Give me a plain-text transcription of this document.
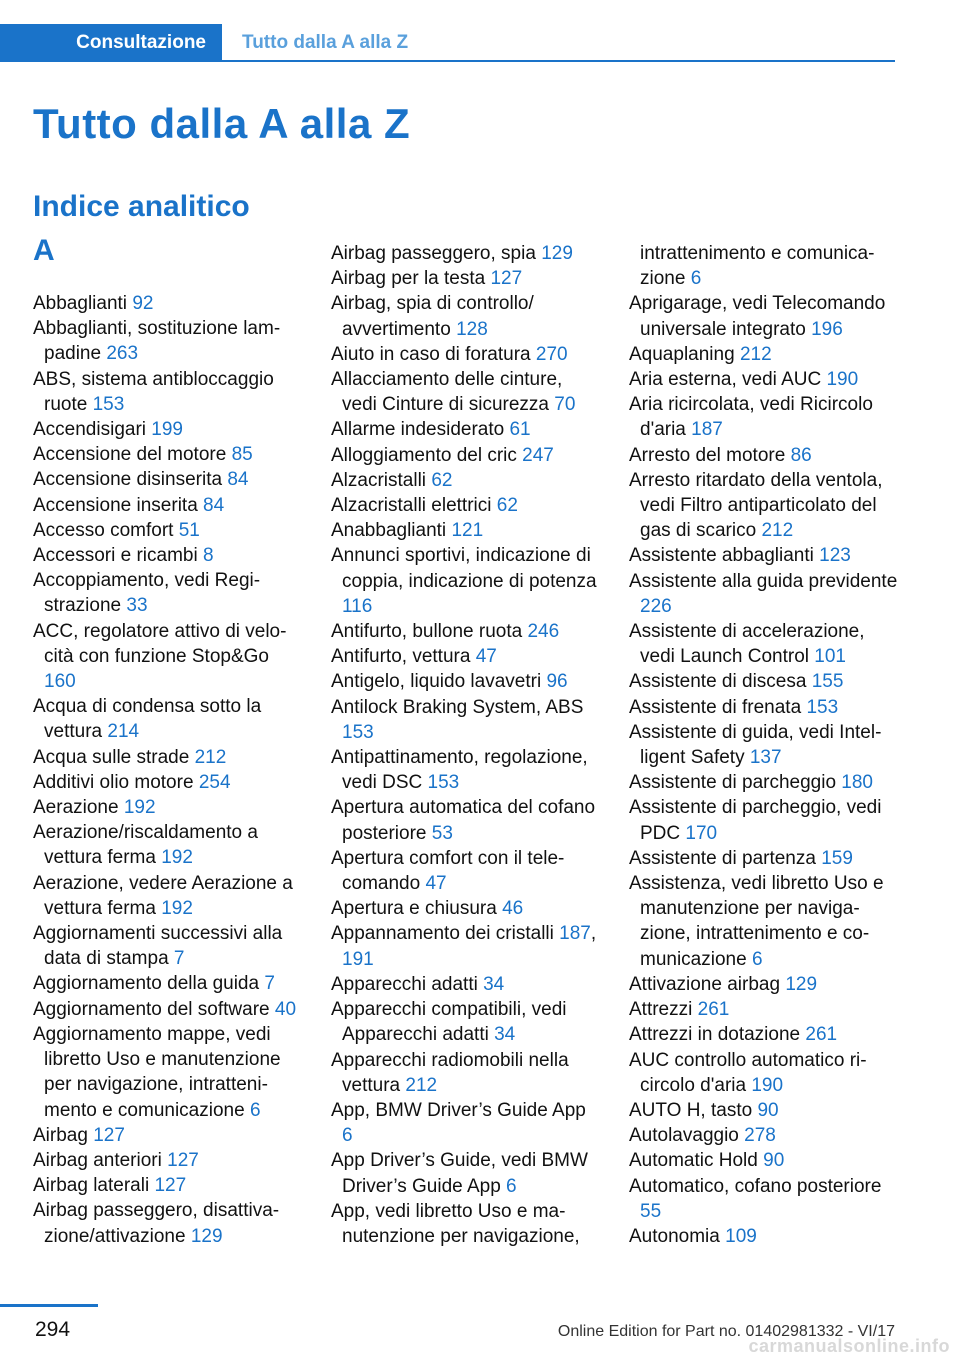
Consultazione	Tutto dalla A alla Z
Tutto dalla A alla Z
Indice analitico
A
Abbaglianti 92
Abbaglianti, sostituzione lampadine 263
ABS, sistema antibloccaggio ruote 153
Accendisigari 199
Accensione del motore 85
Accensione disinserita 84
Accensione inserita 84
Accesso comfort 51
Accessori e ricambi 8
Accoppiamento, vedi Registrazione 33
ACC, regolatore attivo di velocità con funzione Stop&Go 160
Acqua di condensa sotto la vettura 214
Acqua sulle strade 212
Additivi olio motore 254
Aerazione 192
Aerazione/riscaldamento a vettura ferma 192
Aerazione, vedere Aerazione a vettura ferma 192
Aggiornamenti successivi alla data di stampa 7
Aggiornamento della guida 7
Aggiornamento del software 40
Aggiornamento mappe, vedi libretto Uso e manutenzione per navigazione, intrattenimento e comunicazione 6
Airbag 127
Airbag anteriori 127
Airbag laterali 127
Airbag passeggero, disattivazione/attivazione 129
Airbag passeggero, spia 129
Airbag per la testa 127
Airbag, spia di controllo/ avvertimento 128
Aiuto in caso di foratura 270
Allacciamento delle cinture, vedi Cinture di sicurezza 70
Allarme indesiderato 61
Alloggiamento del cric 247
Alzacristalli 62
Alzacristalli elettrici 62
Anabbaglianti 121
Annunci sportivi, indicazione di coppia, indicazione di potenza 116
Antifurto, bullone ruota 246
Antifurto, vettura 47
Antigelo, liquido lavavetri 96
Antilock Braking System, ABS 153
Antipattinamento, regolazione, vedi DSC 153
Apertura automatica del cofano posteriore 53
Apertura comfort con il telecomando 47
Apertura e chiusura 46
Appannamento dei cristalli 187, 191
Apparecchi adatti 34
Apparecchi compatibili, vedi Apparecchi adatti 34
Apparecchi radiomobili nella vettura 212
App, BMW Driver’s Guide App 6
App Driver’s Guide, vedi BMW Driver’s Guide App 6
App, vedi libretto Uso e manutenzione per navigazione,
intrattenimento e comunicazione 6
Aprigarage, vedi Telecomando universale integrato 196
Aquaplaning 212
Aria esterna, vedi AUC 190
Aria ricircolata, vedi Ricircolo d'aria 187
Arresto del motore 86
Arresto ritardato della ventola, vedi Filtro antiparticolato del gas di scarico 212
Assistente abbaglianti 123
Assistente alla guida previdente 226
Assistente di accelerazione, vedi Launch Control 101
Assistente di discesa 155
Assistente di frenata 153
Assistente di guida, vedi Intelligent Safety 137
Assistente di parcheggio 180
Assistente di parcheggio, vedi PDC 170
Assistente di partenza 159
Assistenza, vedi libretto Uso e manutenzione per navigazione, intrattenimento e comunicazione 6
Attivazione airbag 129
Attrezzi 261
Attrezzi in dotazione 261
AUC controllo automatico ricircolo d'aria 190
AUTO H, tasto 90
Autolavaggio 278
Automatic Hold 90
Automatico, cofano posteriore 55
Autonomia 109
294	Online Edition for Part no. 01402981332 - VI/17
carmanualsonline.info
